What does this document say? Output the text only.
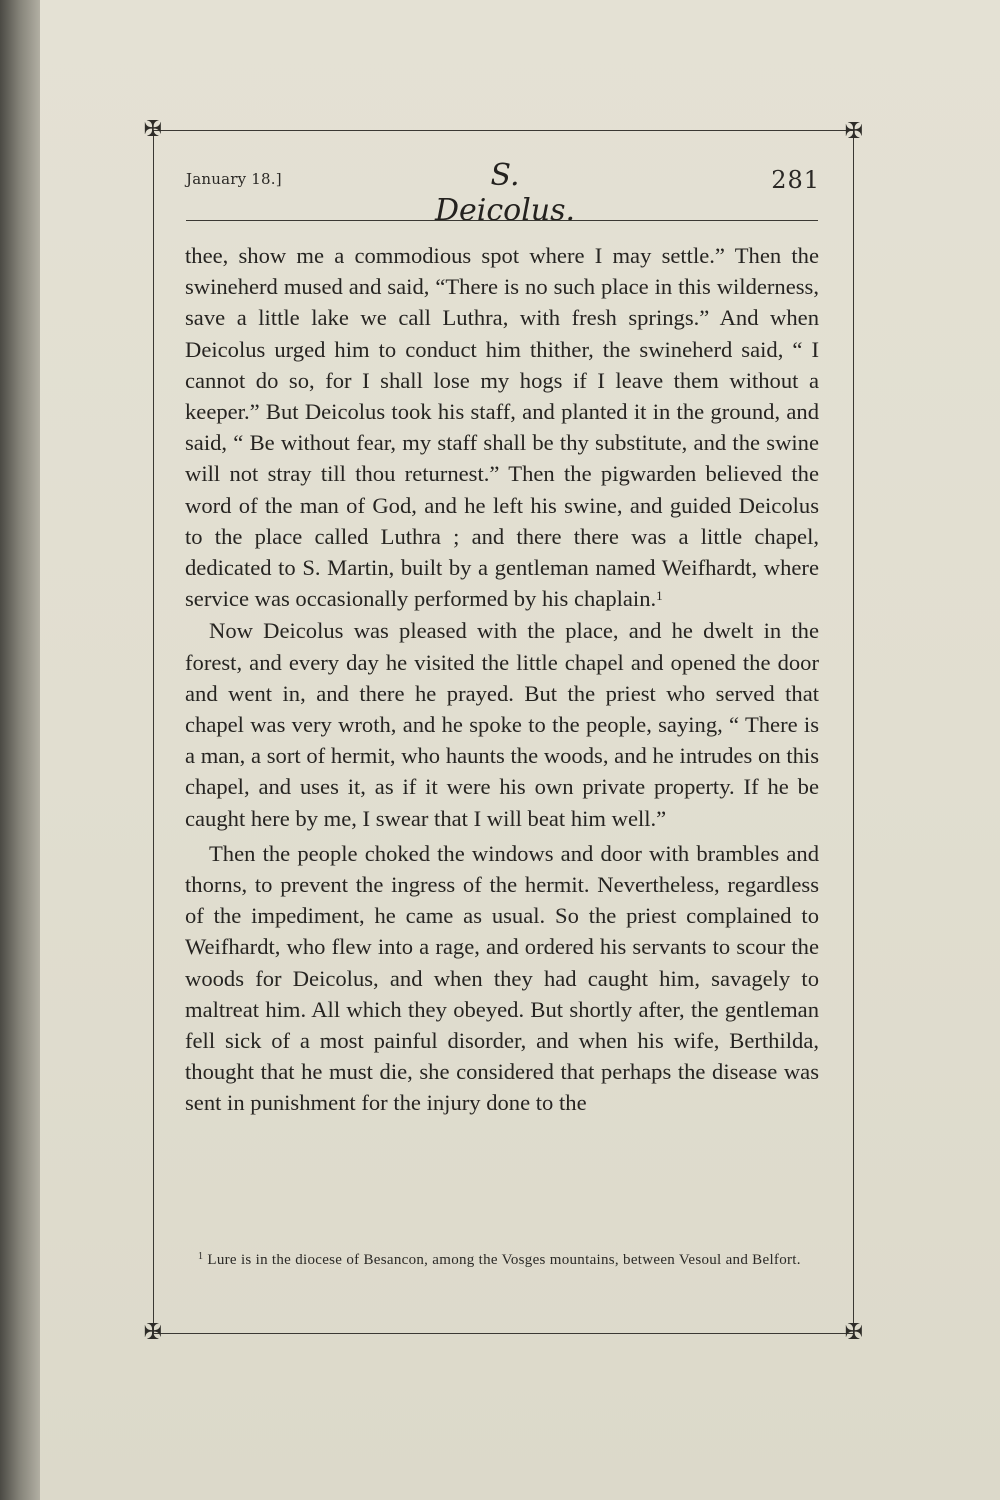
✠	✠
✠	✠
January 18.]	S. Deicolus.
281

thee, show me a commodious spot where I may settle.” Then the swineherd mused and said, “There is no such place in this wilderness, save a little lake we call Luthra, with fresh springs.” And when Deicolus urged him to conduct him thither, the swineherd said, “ I cannot do so, for I shall lose my hogs if I leave them without a keeper.” But Deicolus took his staff, and planted it in the ground, and said, “ Be without fear, my staff shall be thy substitute, and the swine will not stray till thou returnest.” Then the pigwarden believed the word of the man of God, and he left his swine, and guided Deicolus to the place called Luthra ; and there there was a little chapel, dedicated to S. Martin, built by a gentleman named Weifhardt, where service was occasionally performed by his chaplain.$^1$

Now Deicolus was pleased with the place, and he dwelt in the forest, and every day he visited the little chapel and opened the door and went in, and there he prayed. But the priest who served that chapel was very wroth, and he spoke to the people, saying, “ There is a man, a sort of hermit, who haunts the woods, and he intrudes on this chapel, and uses it, as if it were his own private property. If he be caught here by me, I swear that I will beat him well.”

Then the people choked the windows and door with brambles and thorns, to prevent the ingress of the hermit. Nevertheless, regardless of the impediment, he came as usual. So the priest complained to Weifhardt, who flew into a rage, and ordered his servants to scour the woods for Deicolus, and when they had caught him, savagely to maltreat him. All which they obeyed. But shortly after, the gentleman fell sick of a most painful disorder, and when his wife, Berthilda, thought that he must die, she considered that perhaps the disease was sent in punishment for the injury done to the

$^1$ Lure is in the diocese of Besancon, among the Vosges mountains, between Vesoul and Belfort.
